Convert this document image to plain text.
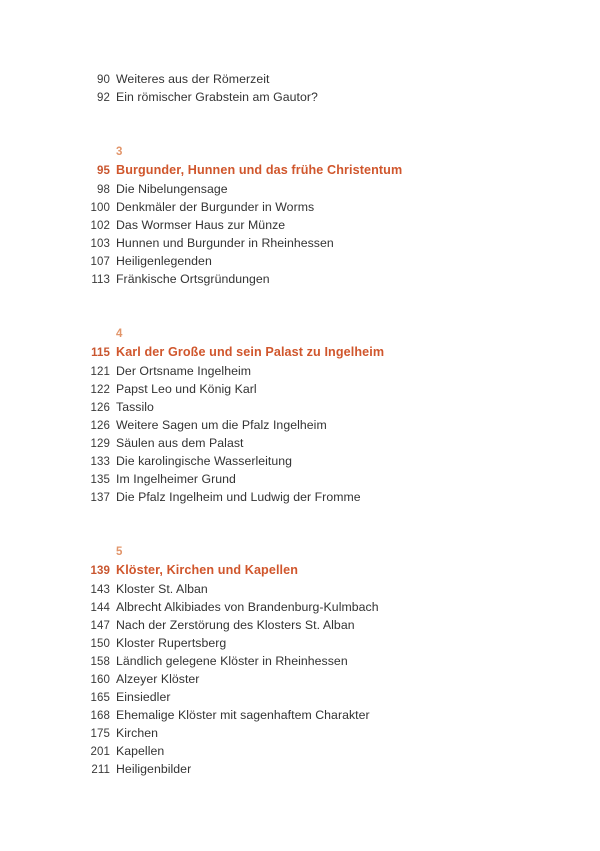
90 Weiteres aus der Römerzeit
92 Ein römischer Grabstein am Gautor?
3
95 Burgunder, Hunnen und das frühe Christentum
98 Die Nibelungensage
100 Denkmäler der Burgunder in Worms
102 Das Wormser Haus zur Münze
103 Hunnen und Burgunder in Rheinhessen
107 Heiligenlegenden
113 Fränkische Ortsgründungen
4
115 Karl der Große und sein Palast zu Ingelheim
121 Der Ortsname Ingelheim
122 Papst Leo und König Karl
126 Tassilo
126 Weitere Sagen um die Pfalz Ingelheim
129 Säulen aus dem Palast
133 Die karolingische Wasserleitung
135 Im Ingelheimer Grund
137 Die Pfalz Ingelheim und Ludwig der Fromme
5
139 Klöster, Kirchen und Kapellen
143 Kloster St. Alban
144 Albrecht Alkibiades von Brandenburg-Kulmbach
147 Nach der Zerstörung des Klosters St. Alban
150 Kloster Rupertsberg
158 Ländlich gelegene Klöster in Rheinhessen
160 Alzeyer Klöster
165 Einsiedler
168 Ehemalige Klöster mit sagenhaftem Charakter
175 Kirchen
201 Kapellen
211 Heiligenbilder
